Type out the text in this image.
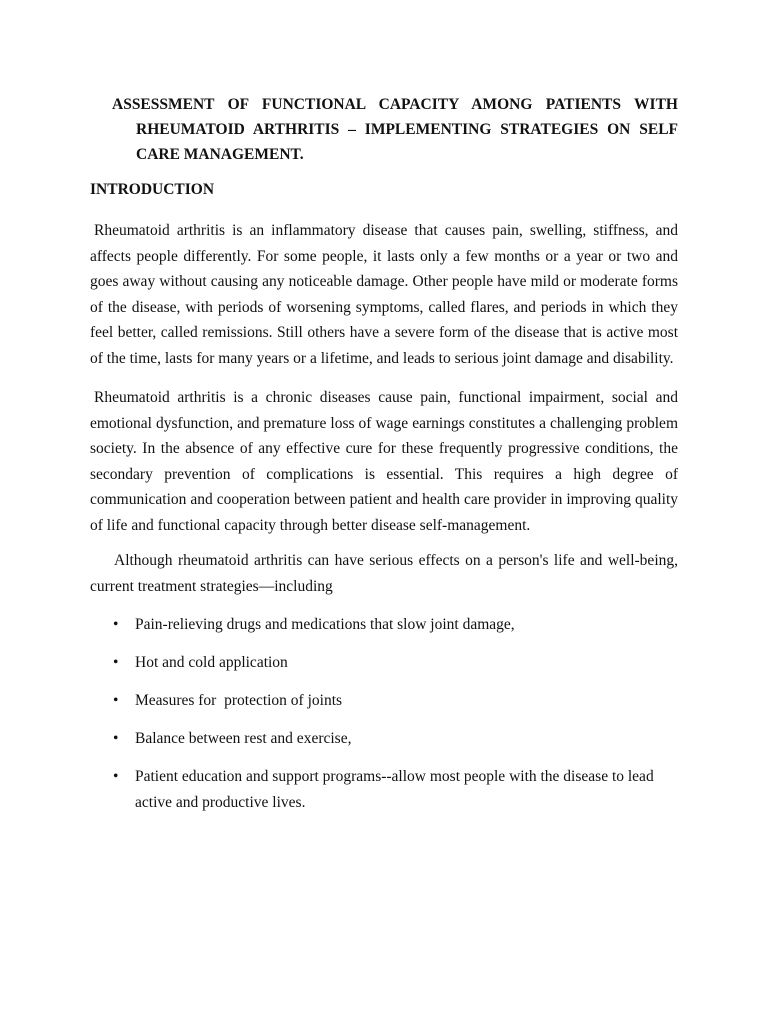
ASSESSMENT OF FUNCTIONAL CAPACITY AMONG PATIENTS WITH RHEUMATOID ARTHRITIS – IMPLEMENTING STRATEGIES ON SELF CARE MANAGEMENT.
INTRODUCTION

Rheumatoid arthritis is an inflammatory disease that causes pain, swelling, stiffness, and affects people differently. For some people, it lasts only a few months or a year or two and goes away without causing any noticeable damage. Other people have mild or moderate forms of the disease, with periods of worsening symptoms, called flares, and periods in which they feel better, called remissions. Still others have a severe form of the disease that is active most of the time, lasts for many years or a lifetime, and leads to serious joint damage and disability.

Rheumatoid arthritis is a chronic diseases cause pain, functional impairment, social and emotional dysfunction, and premature loss of wage earnings constitutes a challenging problem society. In the absence of any effective cure for these frequently progressive conditions, the secondary prevention of complications is essential. This requires a high degree of communication and cooperation between patient and health care provider in improving quality of life and functional capacity through better disease self-management.

Although rheumatoid arthritis can have serious effects on a person's life and well-being, current treatment strategies—including

• Pain-relieving drugs and medications that slow joint damage,
• Hot and cold application
• Measures for  protection of joints
• Balance between rest and exercise,
• Patient education and support programs--allow most people with the disease to lead active and productive lives.
